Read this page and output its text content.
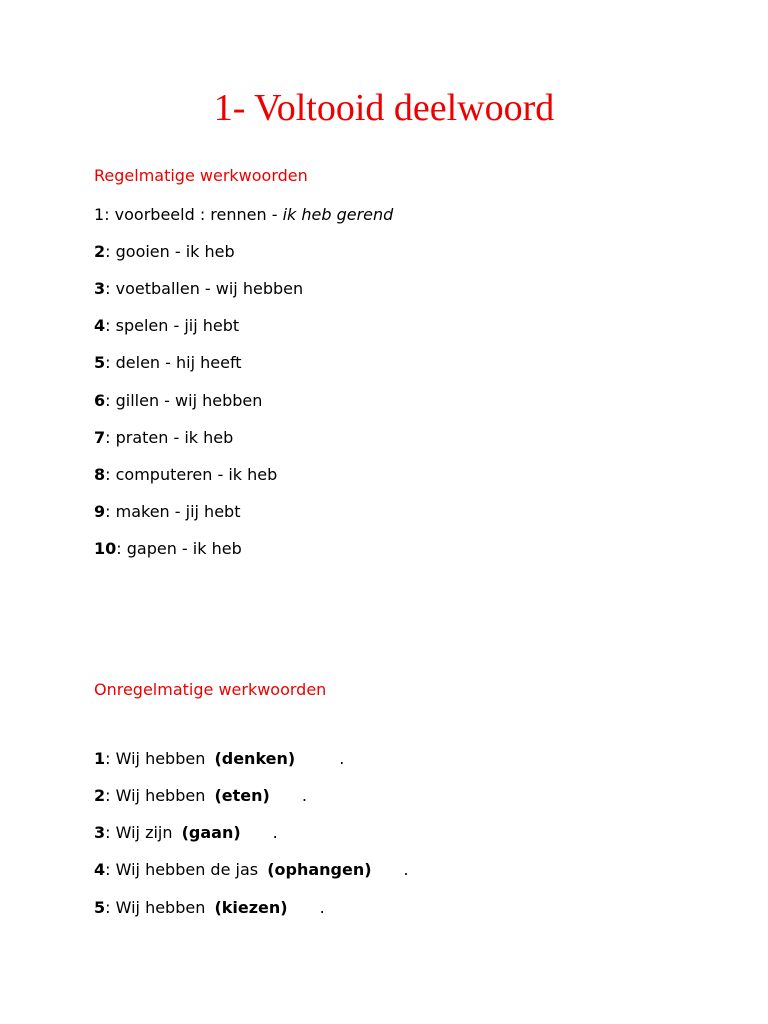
1- Voltooid deelwoord
Regelmatige werkwoorden

1: voorbeeld : rennen - ik heb gerend

2: gooien - ik heb

3: voetballen - wij hebben

4: spelen - jij hebt

5: delen - hij heeft

6: gillen - wij hebben

7: praten - ik heb

8: computeren - ik heb

9: maken - jij hebt

10: gapen - ik heb

Onregelmatige werkwoorden

1: Wij hebben (denken)	.

2: Wij hebben (eten) .

3: Wij zijn (gaan) .

4: Wij hebben de jas (ophangen) .

5: Wij hebben (kiezen) .
